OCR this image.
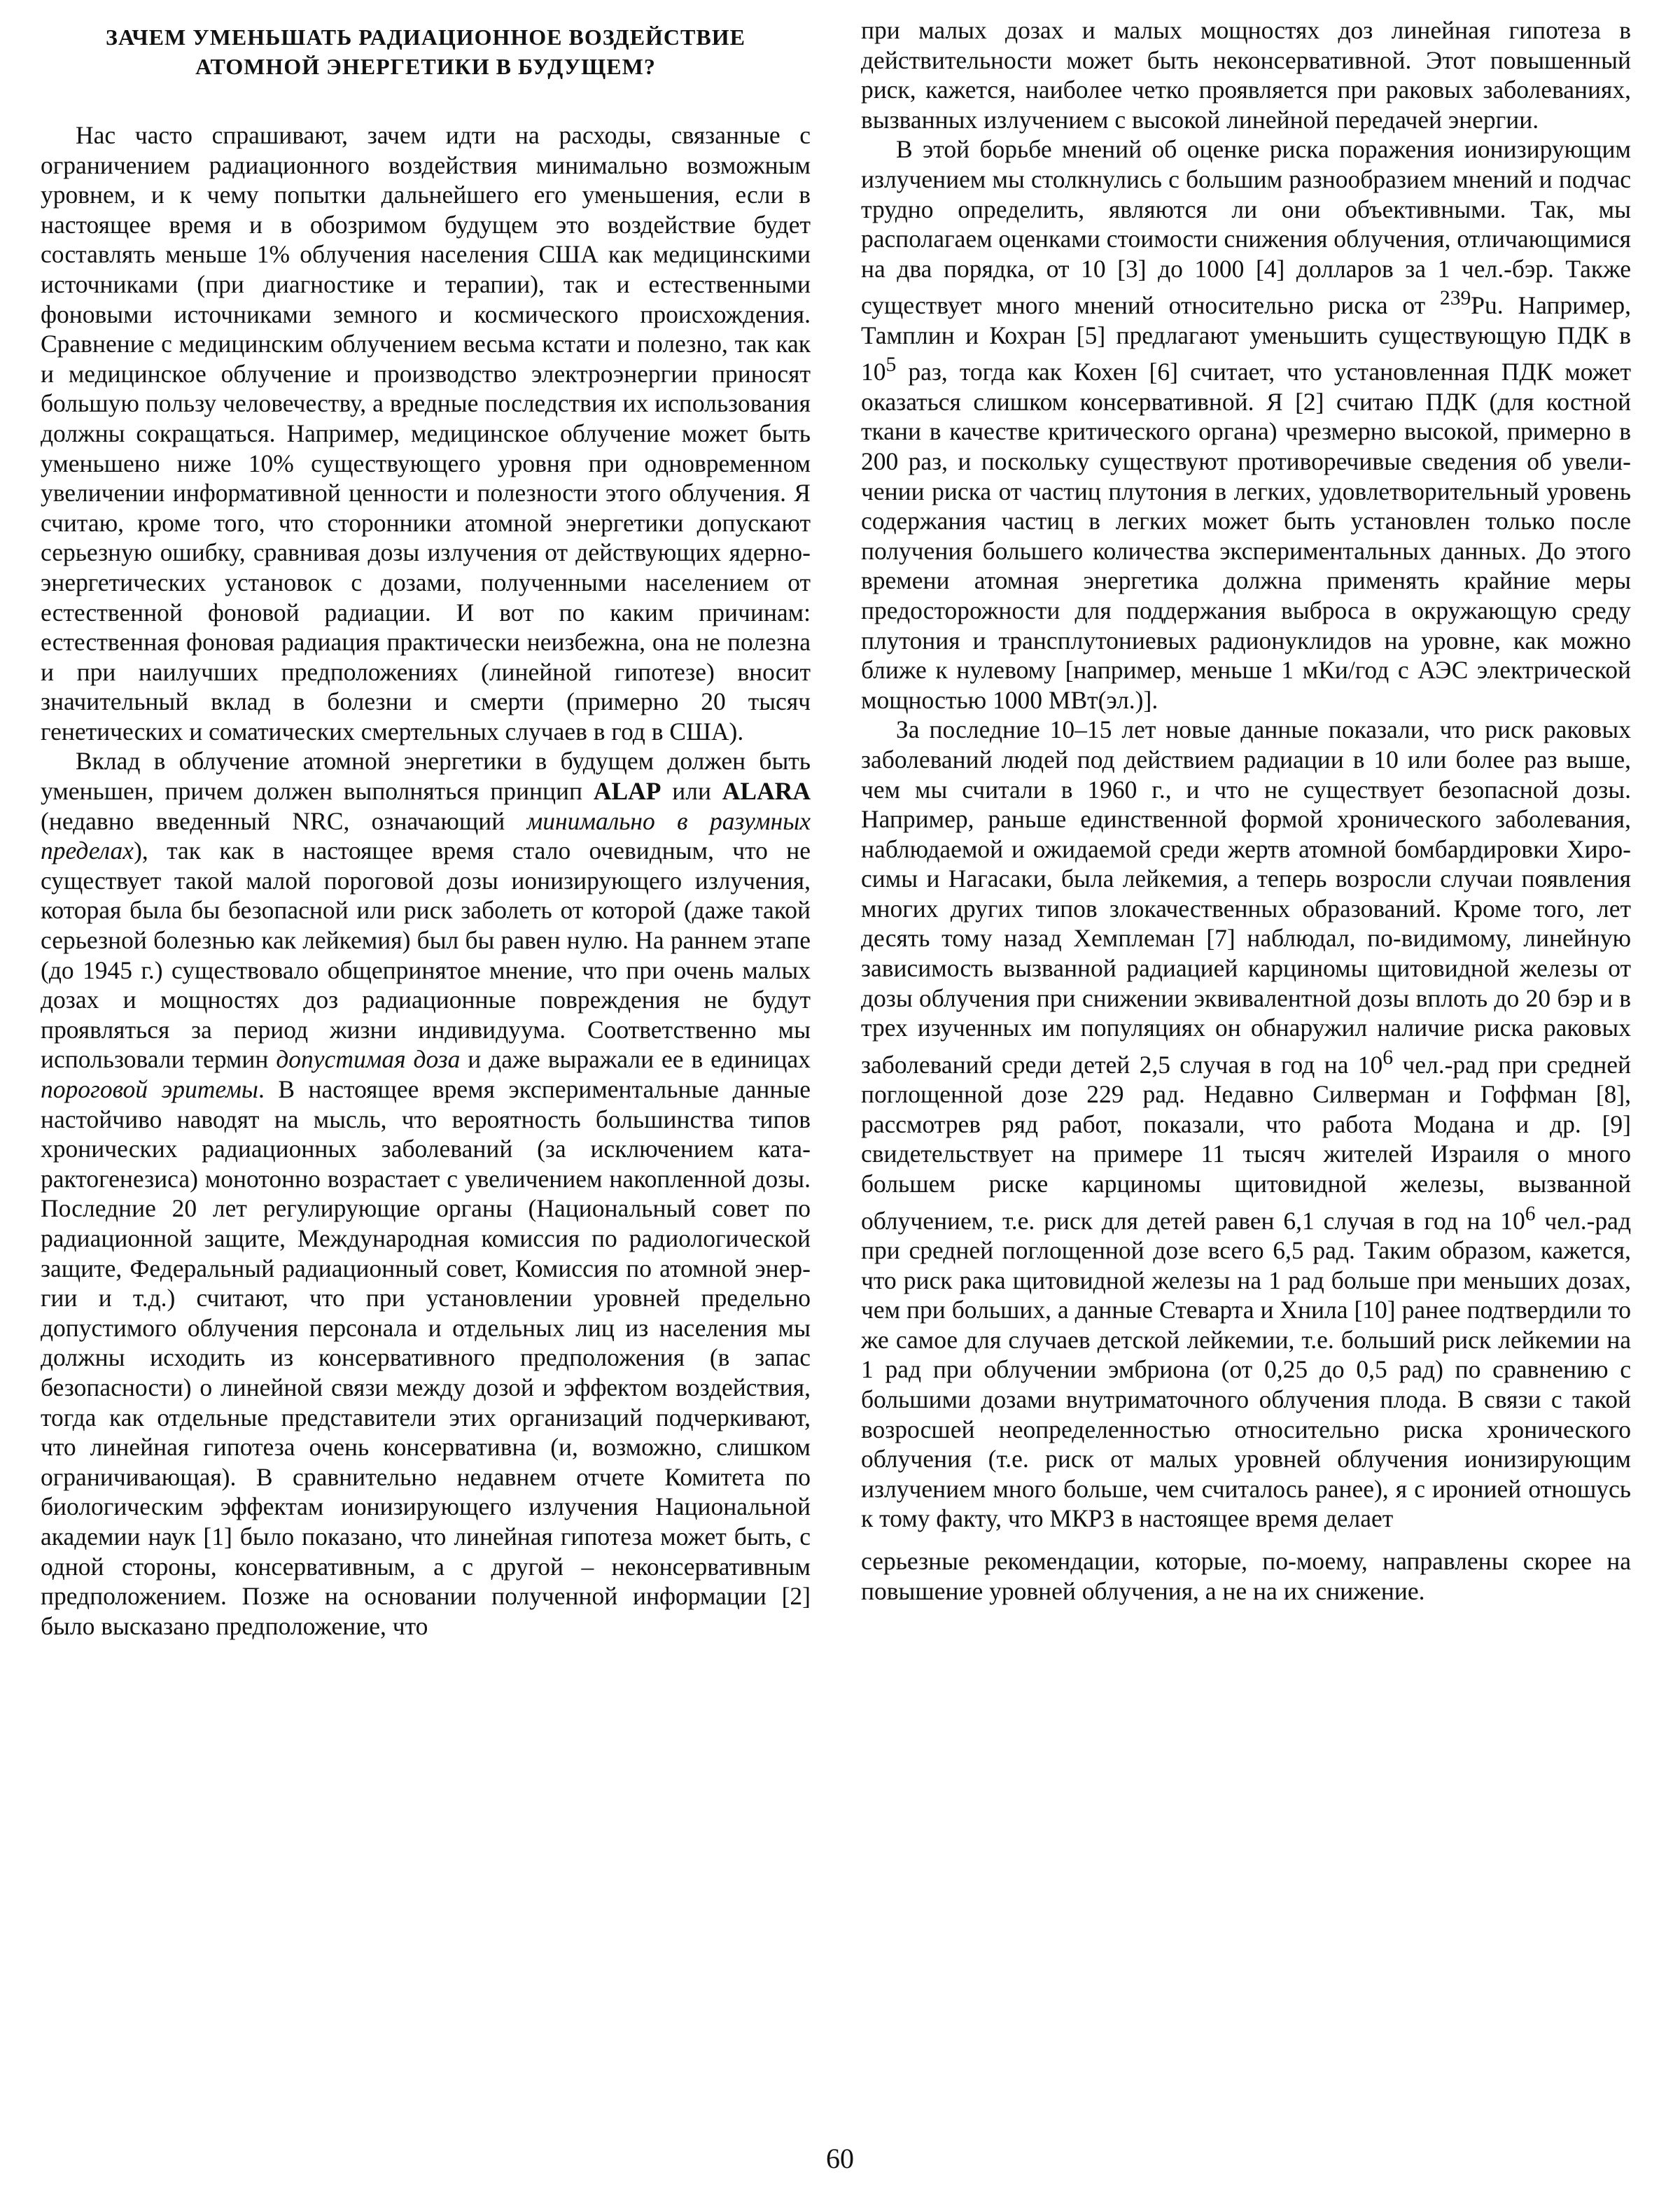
ЗАЧЕМ УМЕНЬШАТЬ РАДИАЦИОННОЕ ВОЗДЕЙСТВИЕ
АТОМНОЙ ЭНЕРГЕТИКИ В БУДУЩЕМ?

Нас часто спрашивают, зачем идти на расходы, связанные с ограничением радиационного воздействия минимально возможным уровнем, и к чему попытки дальнейшего его уменьшения, если в настоящее время и в обозримом будущем это воздействие будет составлять меньше 1% облучения населения США как медицинскими источниками (при диагностике и терапии), так и естественными фоновыми источниками земного и космического происхождения. Сравнение с медицинским облучением весьма кстати и полезно, так как и медицинское облучение и производство электроэнергии приносят большую пользу человечеству, а вредные последствия их использования должны сокращаться. Например, медицинское облучение может быть уменьшено ниже 10% существующего уровня при одновременном увеличении информативной ценности и полезности этого облучения. Я считаю, кроме того, что сторонники атомной энергетики допускают серьезную ошибку, сравнивая дозы излучения от действующих ядерно-энергетических установок с дозами, полученными населением от естественной фоновой радиации. И вот по каким причинам: естественная фоновая радиация практически неизбежна, она не полезна и при наилучших предположениях (линейной гипотезе) вносит значительный вклад в болезни и смерти (примерно 20 тысяч генетических и соматических смертельных случаев в год в США).

Вклад в облучение атомной энергетики в будущем должен быть уменьшен, причем должен выполняться принцип ALAP или ALARA (недавно введенный NRC, означающий минимально в разумных пределах), так как в настоящее время стало очевидным, что не существует такой малой пороговой дозы ионизирующего излучения, которая была бы безопасной или риск заболеть от которой (даже такой серьезной болезнью как лейкемия) был бы равен нулю. На раннем этапе (до 1945 г.) существовало общепринятое мнение, что при очень малых дозах и мощностях доз радиационные повреждения не будут проявляться за период жизни индивидуума. Соответственно мы использовали термин допустимая доза и даже выражали ее в единицах пороговой эритемы. В настоящее время экспериментальные данные настойчиво наводят на мысль, что вероятность большинства типов хронических радиационных заболеваний (за исключением катарактогенезиса) монотонно возрастает с увеличением накопленной дозы. Последние 20 лет регулирующие органы (Национальный совет по радиационной защите, Международная комиссия по радиологической защите, Федеральный радиационный совет, Комиссия по атомной энергии и т.д.) считают, что при установлении уровней предельно допустимого облучения персонала и отдельных лиц из населения мы должны исходить из консервативного предположения (в запас безопасности) о линейной связи между дозой и эффектом воздействия, тогда как отдельные представители этих организаций подчеркивают, что линейная гипотеза очень консервативна (и, возможно, слишком ограничивающая). В сравнительно недавнем отчете Комитета по биологическим эффектам ионизирующего излучения Национальной академии наук [1] было показано, что линейная гипотеза может быть, с одной стороны, консервативным, а с другой – неконсервативным предположением. Позже на основании полученной информации [2] было высказано предположение, что

при малых дозах и малых мощностях доз линейная гипотеза в действительности может быть неконсервативной. Этот повышенный риск, кажется, наиболее четко проявляется при раковых заболеваниях, вызванных излучением с высокой линейной передачей энергии.

В этой борьбе мнений об оценке риска поражения ионизирующим излучением мы столкнулись с большим разнообразием мнений и подчас трудно определить, являются ли они объективными. Так, мы располагаем оценками стоимости снижения облучения, отличающимися на два порядка, от 10 [3] до 1000 [4] долларов за 1 чел.-бэр. Также существует много мнений относительно риска от $^{239}$Pu. Например, Тамплин и Кохран [5] предлагают уменьшить существующую ПДК в $10^5$ раз, тогда как Кохен [6] считает, что установленная ПДК может оказаться слишком консервативной. Я [2] считаю ПДК (для костной ткани в качестве критического органа) чрезмерно высокой, примерно в 200 раз, и поскольку существуют противоречивые сведения об увеличении риска от частиц плутония в легких, удовлетворительный уровень содержания частиц в легких может быть установлен только после получения большего количества экспериментальных данных. До этого времени атомная энергетика должна применять крайние меры предосторожности для поддержания выброса в окружающую среду плутония и трансплутониевых радионуклидов на уровне, как можно ближе к нулевому [например, меньше 1 мКи/год с АЭС электрической мощностью 1000 МВт(эл.)].

За последние 10–15 лет новые данные показали, что риск раковых заболеваний людей под действием радиации в 10 или более раз выше, чем мы считали в 1960 г., и что не существует безопасной дозы. Например, раньше единственной формой хронического заболевания, наблюдаемой и ожидаемой среди жертв атомной бомбардировки Хиросимы и Нагасаки, была лейкемия, а теперь возросли случаи появления многих других типов злокачественных образований. Кроме того, лет десять тому назад Хемплеман [7] наблюдал, по-видимому, линейную зависимость вызванной радиацией карциномы щитовидной железы от дозы облучения при снижении эквивалентной дозы вплоть до 20 бэр и в трех изученных им популяциях он обнаружил наличие риска раковых заболеваний среди детей 2,5 случая в год на $10^6$ чел.-рад при средней поглощенной дозе 229 рад. Недавно Силверман и Гоффман [8], рассмотрев ряд работ, показали, что работа Модана и др. [9] свидетельствует на примере 11 тысяч жителей Израиля о много большем риске карциномы щитовидной железы, вызванной облучением, т.е. риск для детей равен 6,1 случая в год на $10^6$ чел.-рад при средней поглощенной дозе всего 6,5 рад. Таким образом, кажется, что риск рака щитовидной железы на 1 рад больше при меньших дозах, чем при больших, а данные Стеварта и Хнила [10] ранее подтвердили то же самое для случаев детской лейкемии, т.е. больший риск лейкемии на 1 рад при облучении эмбриона (от 0,25 до 0,5 рад) по сравнению с большими дозами внутриматочного облучения плода. В связи с такой возросшей неопределенностью относительно риска хронического облучения (т.е. риск от малых уровней облучения ионизирующим излучением много больше, чем считалось ранее), я с иронией отношусь к тому факту, что МКРЗ в настоящее время делает

серьезные рекомендации, которые, по-моему, направлены скорее на повышение уровней облучения, а не на их снижение.

60
